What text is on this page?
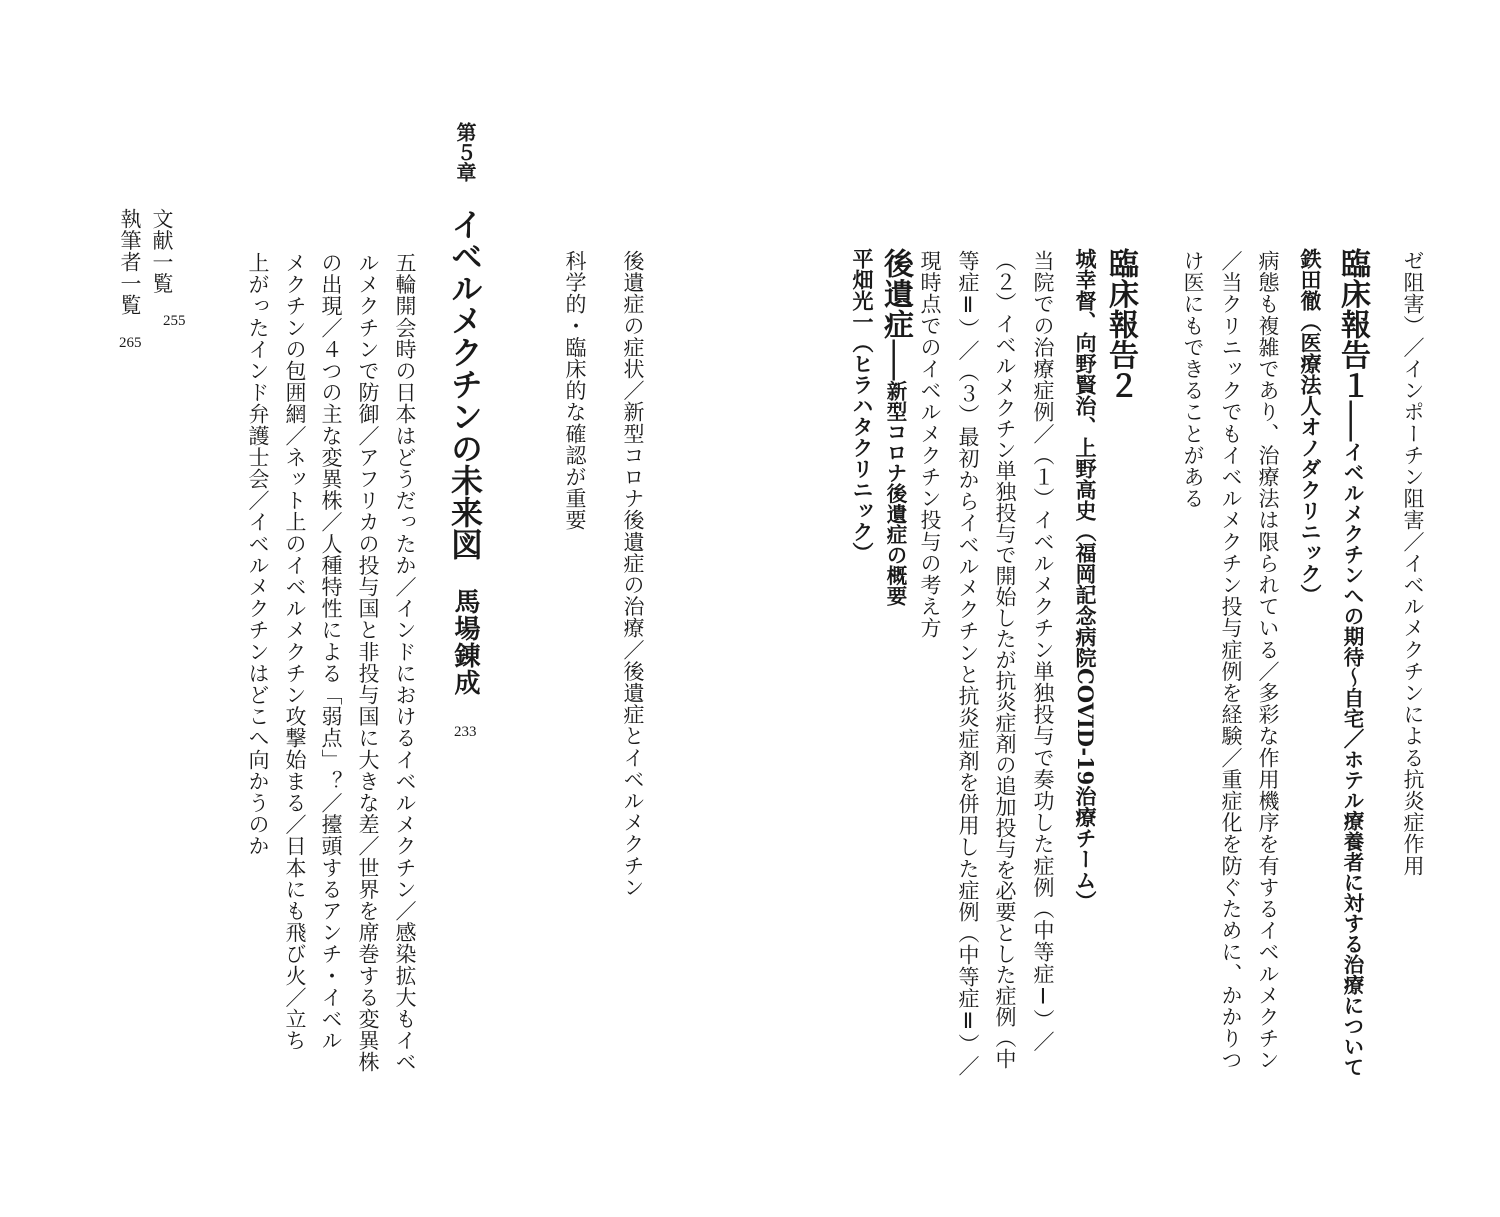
ゼ阻害）／インポーチン阻害／イベルメクチンによる抗炎症作用
臨床報告１――イベルメクチンへの期待～自宅／ホテル療養者に対する治療について
鉄田徹（医療法人オノダクリニック）
病態も複雑であり、治療法は限られている／多彩な作用機序を有するイベルメクチン
／当クリニックでもイベルメクチン投与症例を経験／重症化を防ぐために、かかりつ
け医にもできることがある
臨床報告２
城幸督、向野賢治、上野高史（福岡記念病院COVID-19治療チーム）
当院での治療症例／（１）イベルメクチン単独投与で奏功した症例（中等症Ⅰ）／
（２）イベルメクチン単独投与で開始したが抗炎症剤の追加投与を必要とした症例（中
等症Ⅱ）／（３）最初からイベルメクチンと抗炎症剤を併用した症例（中等症Ⅱ）／
現時点でのイベルメクチン投与の考え方
後遺症――新型コロナ後遺症の概要
平畑光一（ヒラハタクリニック）
後遺症の症状／新型コロナ後遺症の治療／後遺症とイベルメクチン
科学的・臨床的な確認が重要
第５章
イベルメクチンの未来図馬場錬成
233
五輪開会時の日本はどうだったか／インドにおけるイベルメクチン／感染拡大もイベ
ルメクチンで防御／アフリカの投与国と非投与国に大きな差／世界を席巻する変異株
の出現／４つの主な変異株／人種特性による「弱点」？／擡頭するアンチ・イベル
メクチンの包囲網／ネット上のイベルメクチン攻撃始まる／日本にも飛び火／立ち
上がったインド弁護士会／イベルメクチンはどこへ向かうのか
文献一覧
255
執筆者一覧
265
